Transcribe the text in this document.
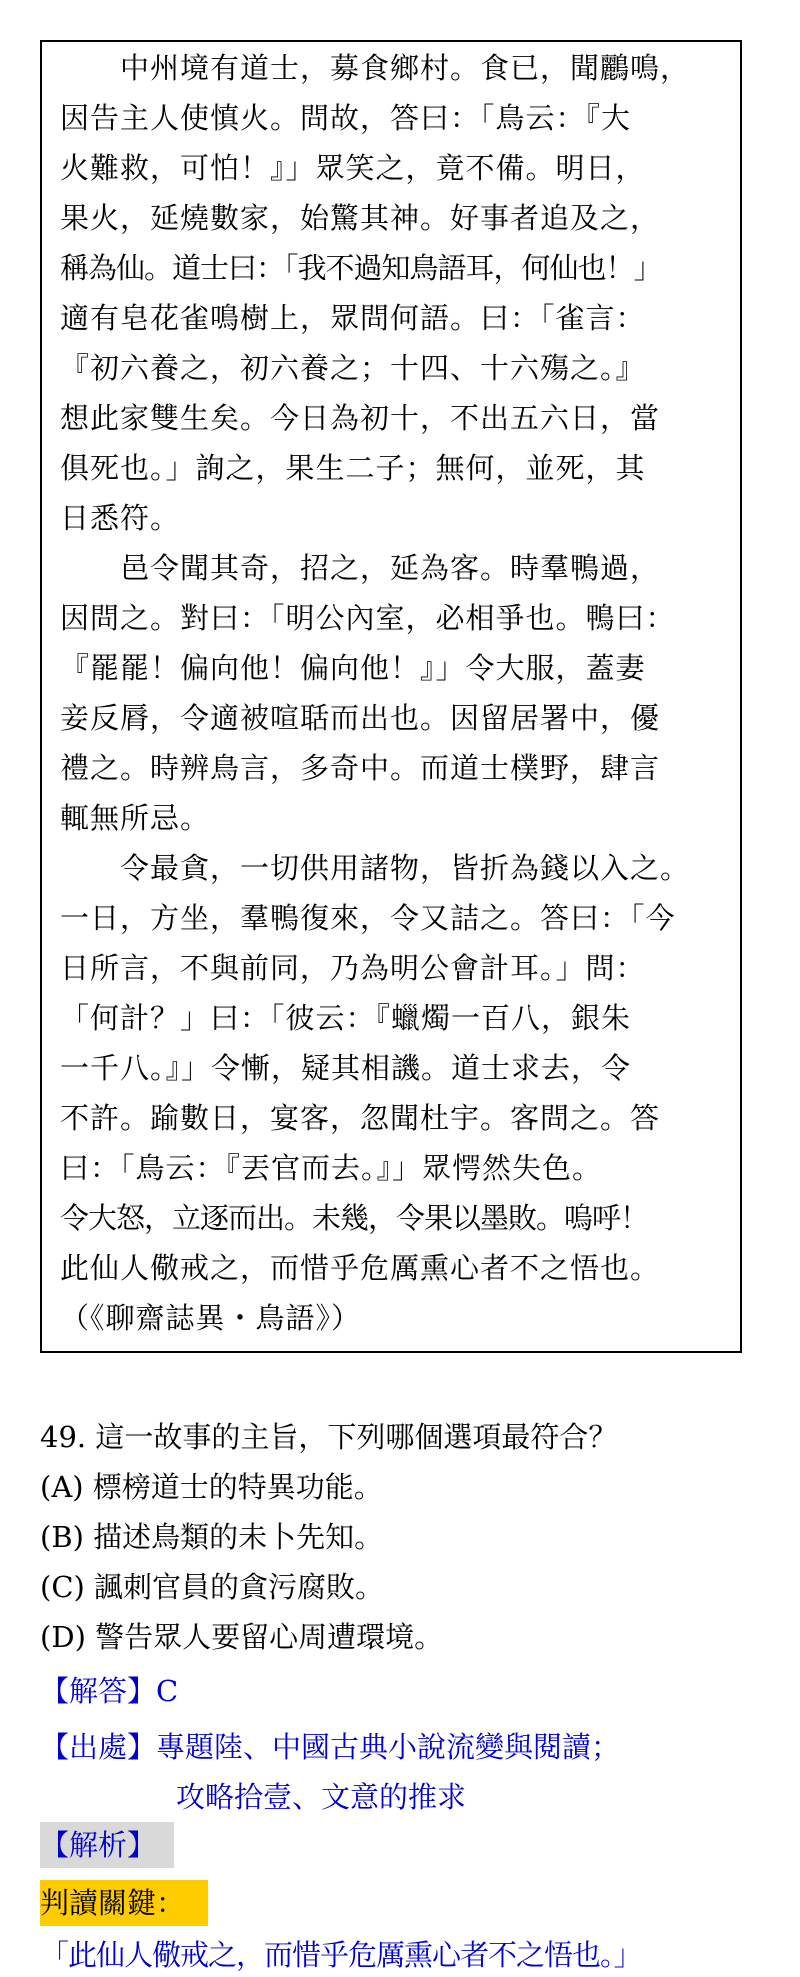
　　中州境有道士，募食鄉村。食已，聞鸝鳴，
因告主人使慎火。問故，答曰：「鳥云：『大
火難救，可怕！』」眾笑之，竟不備。明日，
果火，延燒數家，始驚其神。好事者追及之，
稱為仙。道士曰：「我不過知鳥語耳，何仙也！」
適有皂花雀鳴樹上，眾問何語。曰：「雀言：
『初六養之，初六養之；十四、十六殤之。』
想此家雙生矣。今日為初十，不出五六日，當
俱死也。」詢之，果生二子；無何，並死，其
日悉符。
　　邑令聞其奇，招之，延為客。時羣鴨過，
因問之。對曰：「明公內室，必相爭也。鴨曰：
『罷罷！偏向他！偏向他！』」令大服，蓋妻
妾反脣，令適被喧聒而出也。因留居署中，優
禮之。時辨鳥言，多奇中。而道士樸野，肆言
輒無所忌。
　　令最貪，一切供用諸物，皆折為錢以入之。
一日，方坐，羣鴨復來，令又詰之。答曰：「今
日所言，不與前同，乃為明公會計耳。」問：
「何計？」曰：「彼云：『蠟燭一百八，銀朱
一千八。』」令慚，疑其相譏。道士求去，令
不許。踰數日，宴客，忽聞杜宇。客問之。答
曰：「鳥云：『丟官而去。』」眾愕然失色。
令大怒，立逐而出。未幾，令果以墨敗。嗚呼！
此仙人儆戒之，而惜乎危厲熏心者不之悟也。
（《聊齋誌異・鳥語》）
49. 這一故事的主旨，下列哪個選項最符合？
(A) 標榜道士的特異功能。
(B) 描述鳥類的未卜先知。
(C) 諷刺官員的貪污腐敗。
(D) 警告眾人要留心周遭環境。
【解答】C
【出處】專題陸、中國古典小說流變與閱讀；
攻略拾壹、文意的推求
【解析】
判讀關鍵：
「此仙人儆戒之，而惜乎危厲熏心者不之悟也。」
